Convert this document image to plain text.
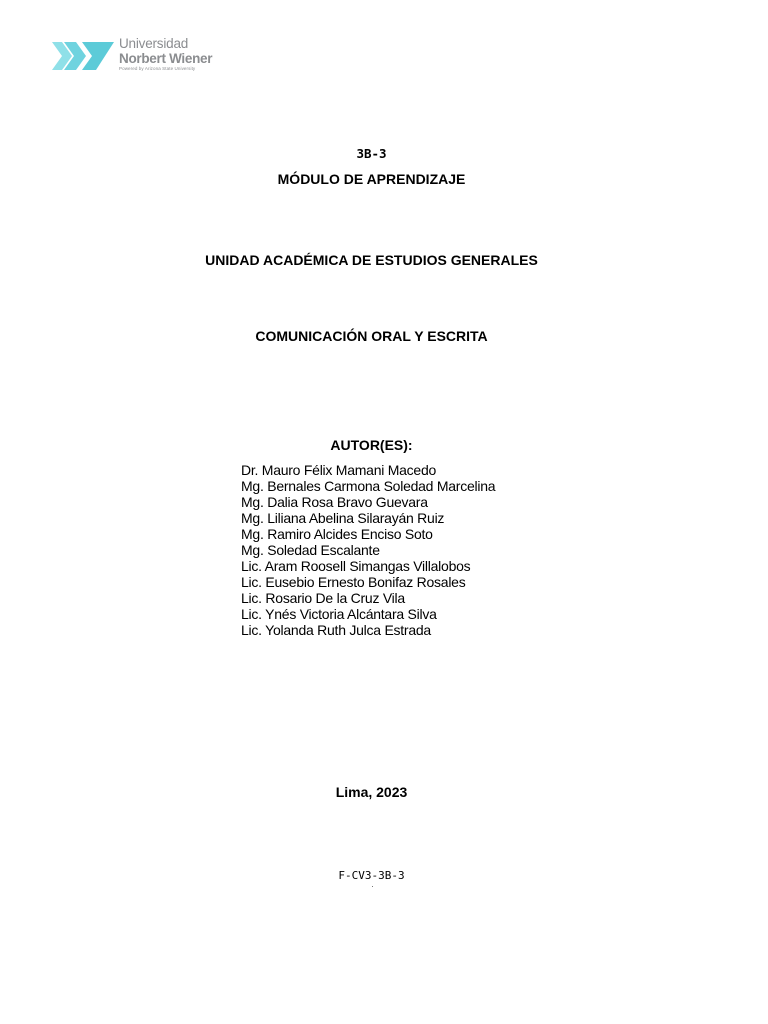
Universidad
Norbert Wiener
Powered by Arizona State University
3B-3
MÓDULO DE APRENDIZAJE
UNIDAD ACADÉMICA DE ESTUDIOS GENERALES
COMUNICACIÓN ORAL Y ESCRITA
AUTOR(ES):
Dr. Mauro Félix Mamani Macedo
Mg. Bernales Carmona Soledad Marcelina
Mg. Dalia Rosa Bravo Guevara
Mg. Liliana Abelina Silarayán Ruiz
Mg. Ramiro Alcides Enciso Soto
Mg. Soledad Escalante
Lic. Aram Roosell Simangas Villalobos
Lic. Eusebio Ernesto Bonifaz Rosales
Lic. Rosario De la Cruz Vila
Lic. Ynés Victoria Alcántara Silva
Lic. Yolanda Ruth Julca Estrada
Lima, 2023
F-CV3-3B-3
